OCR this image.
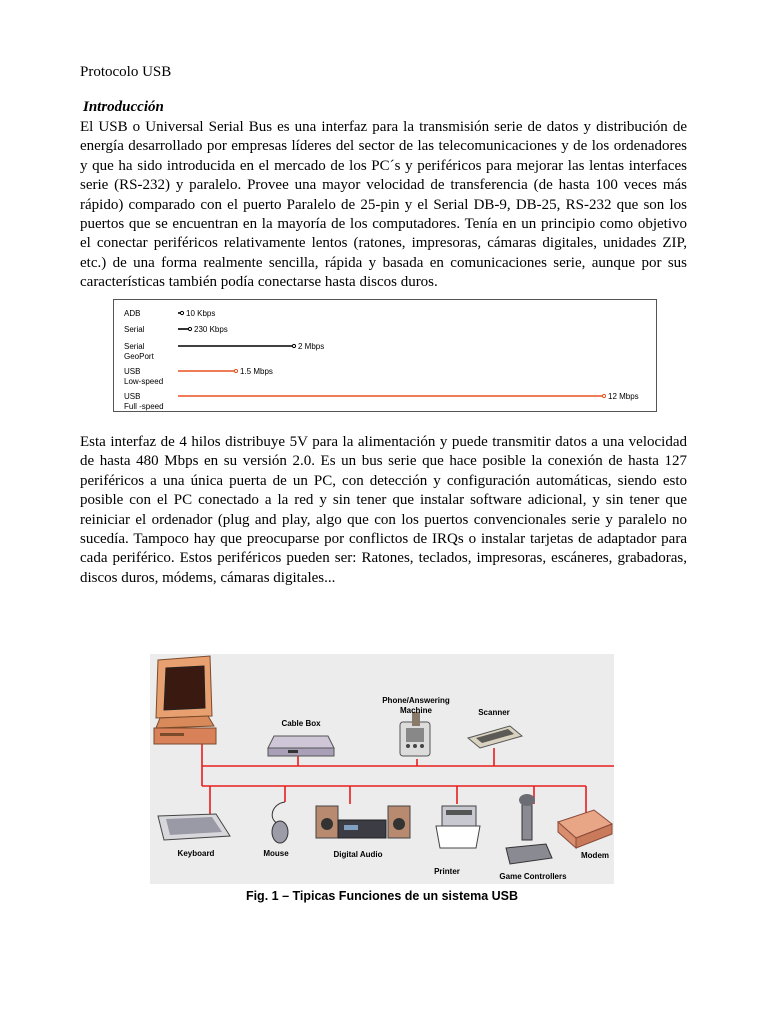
Protocolo USB
Introducción

El USB o Universal Serial Bus es una interfaz para la transmisión serie de datos y distribución de energía desarrollado por empresas líderes del sector de las telecomunicaciones y de los ordenadores y que ha sido introducida en el mercado de los PC´s y periféricos para mejorar las lentas interfaces serie (RS-232) y paralelo. Provee una mayor velocidad de transferencia (de hasta 100 veces más rápido) comparado con el puerto Paralelo de 25-pin y el Serial DB-9, DB-25, RS-232 que son los puertos que se encuentran en la mayoría de los computadores. Tenía en un principio como objetivo el conectar periféricos relativamente lentos (ratones, impresoras, cámaras digitales, unidades ZIP, etc.) de una forma realmente sencilla, rápida y basada en comunicaciones serie, aunque por sus características también podía conectarse hasta discos duros.

ADB	10 Kbps
Serial	230 Kbps
Serial
GeoPort
2 Mbps
USB
Low-speed
1.5 Mbps
USB
Full -speed
12 Mbps

Esta interfaz de 4 hilos distribuye 5V para la alimentación y puede transmitir datos a una velocidad de hasta 480 Mbps en su versión 2.0. Es un bus serie que hace posible la conexión de hasta 127 periféricos a una única puerta de un PC, con detección y configuración automáticas, siendo esto posible con el PC conectado a la red y sin tener que instalar software adicional, y sin tener que reiniciar el ordenador (plug and play, algo que con los puertos convencionales serie y paralelo no sucedía. Tampoco hay que preocuparse por conflictos de IRQs o instalar tarjetas de adaptador para cada periférico. Estos periféricos pueden ser: Ratones, teclados, impresoras, escáneres, grabadoras, discos duros, módems, cámaras digitales...

Cable Box
Phone/Answering
Machine	Scanner
Keyboard	Mouse	Digital Audio
Printer
Game Controllers
Modem
Fig. 1 – Tipicas Funciones de un sistema USB
